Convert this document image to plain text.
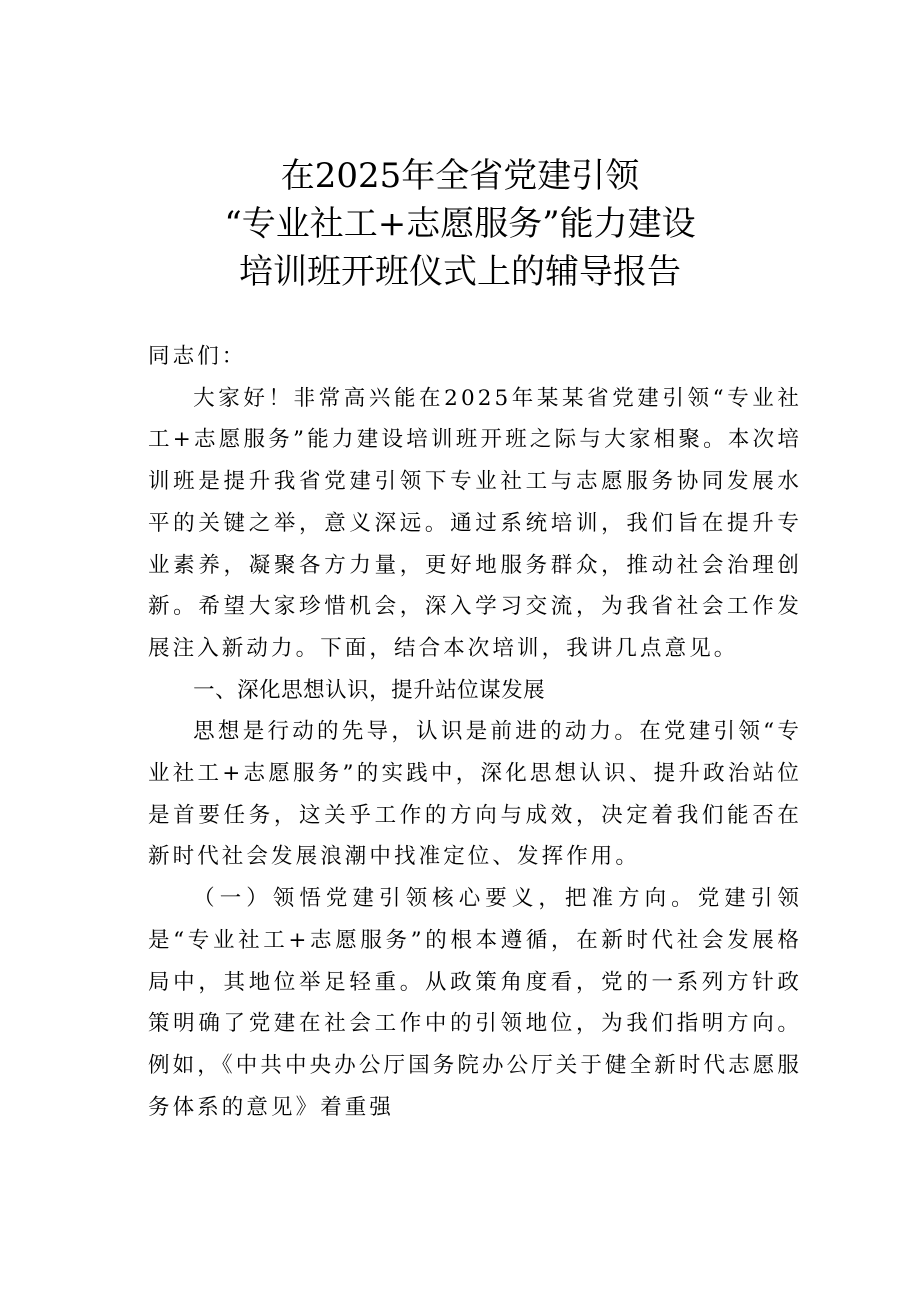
在2025年全省党建引领
“专业社工+志愿服务”能力建设
培训班开班仪式上的辅导报告

同志们：

大家好！非常高兴能在2025年某某省党建引领“专业社工+志愿服务”能力建设培训班开班之际与大家相聚。本次培训班是提升我省党建引领下专业社工与志愿服务协同发展水平的关键之举，意义深远。通过系统培训，我们旨在提升专业素养，凝聚各方力量，更好地服务群众，推动社会治理创新。希望大家珍惜机会，深入学习交流，为我省社会工作发展注入新动力。下面，结合本次培训，我讲几点意见。

一、深化思想认识，提升站位谋发展

思想是行动的先导，认识是前进的动力。在党建引领“专业社工+志愿服务”的实践中，深化思想认识、提升政治站位是首要任务，这关乎工作的方向与成效，决定着我们能否在新时代社会发展浪潮中找准定位、发挥作用。

（一）领悟党建引领核心要义，把准方向。党建引领是“专业社工+志愿服务”的根本遵循，在新时代社会发展格局中，其地位举足轻重。从政策角度看，党的一系列方针政策明确了党建在社会工作中的引领地位，为我们指明方向。例如，《中共中央办公厅国务院办公厅关于健全新时代志愿服务体系的意见》着重强
